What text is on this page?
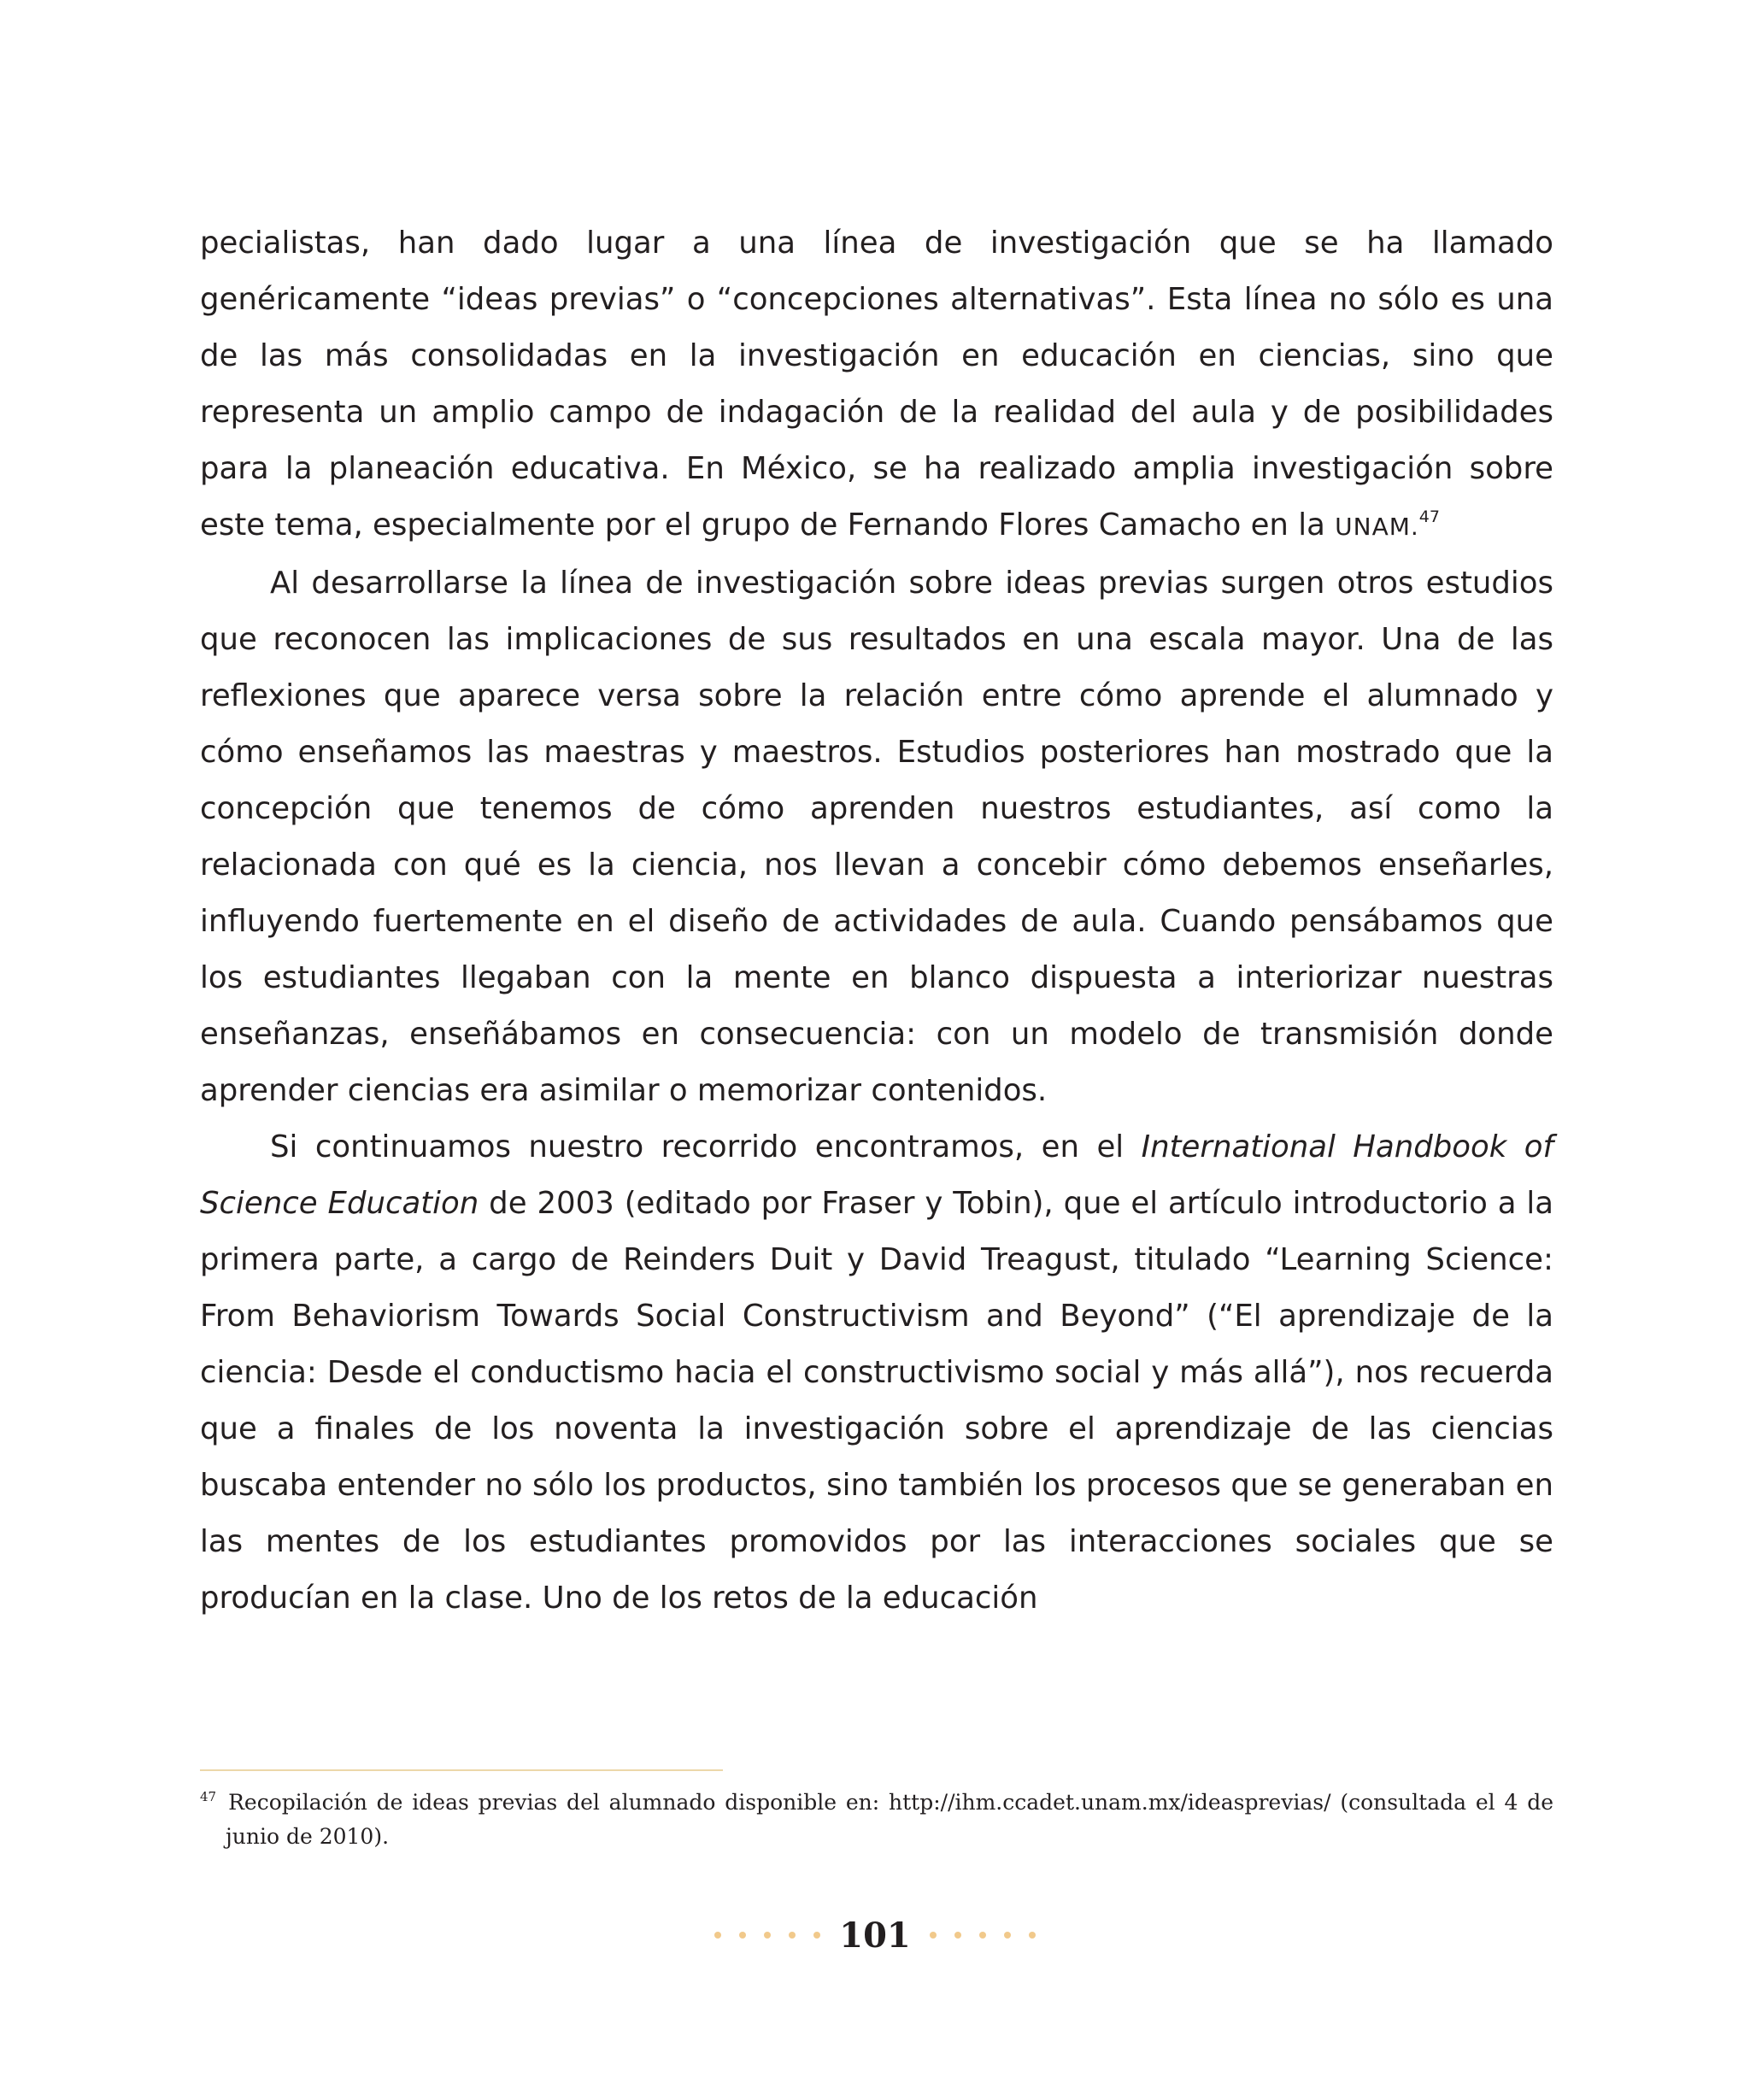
pecialistas, han dado lugar a una línea de investigación que se ha llamado genéricamente “ideas previas” o “concepciones alternativas”. Esta línea no sólo es una de las más consolidadas en la investigación en educación en ciencias, sino que representa un amplio campo de indagación de la realidad del aula y de posibilidades para la planeación educativa. En México, se ha realizado amplia investigación sobre este tema, especialmente por el grupo de Fernando Flores Camacho en la UNAM.$^{47}$

Al desarrollarse la línea de investigación sobre ideas previas surgen otros estudios que reconocen las implicaciones de sus resultados en una escala mayor. Una de las reflexiones que aparece versa sobre la relación entre cómo aprende el alumnado y cómo enseñamos las maestras y maestros. Estudios posteriores han mostrado que la concepción que tenemos de cómo aprenden nuestros estudiantes, así como la relacionada con qué es la ciencia, nos llevan a concebir cómo debemos enseñarles, influyendo fuertemente en el diseño de actividades de aula. Cuando pensábamos que los estudiantes llegaban con la mente en blanco dispuesta a interiorizar nuestras enseñanzas, enseñábamos en consecuencia: con un modelo de transmisión donde aprender ciencias era asimilar o memorizar contenidos.

Si continuamos nuestro recorrido encontramos, en el International Handbook of Science Education de 2003 (editado por Fraser y Tobin), que el artículo introductorio a la primera parte, a cargo de Reinders Duit y David Treagust, titulado “Learning Science: From Behaviorism Towards Social Constructivism and Beyond” (“El aprendizaje de la ciencia: Desde el conductismo hacia el constructivismo social y más allá”), nos recuerda que a finales de los noventa la investigación sobre el aprendizaje de las ciencias buscaba entender no sólo los productos, sino también los procesos que se generaban en las mentes de los estudiantes promovidos por las interacciones sociales que se producían en la clase. Uno de los retos de la educación

$^{47}$ Recopilación de ideas previas del alumnado disponible en: http://ihm.ccadet.unam.mx/ideasprevias/ (consultada el 4 de junio de 2010).
101
